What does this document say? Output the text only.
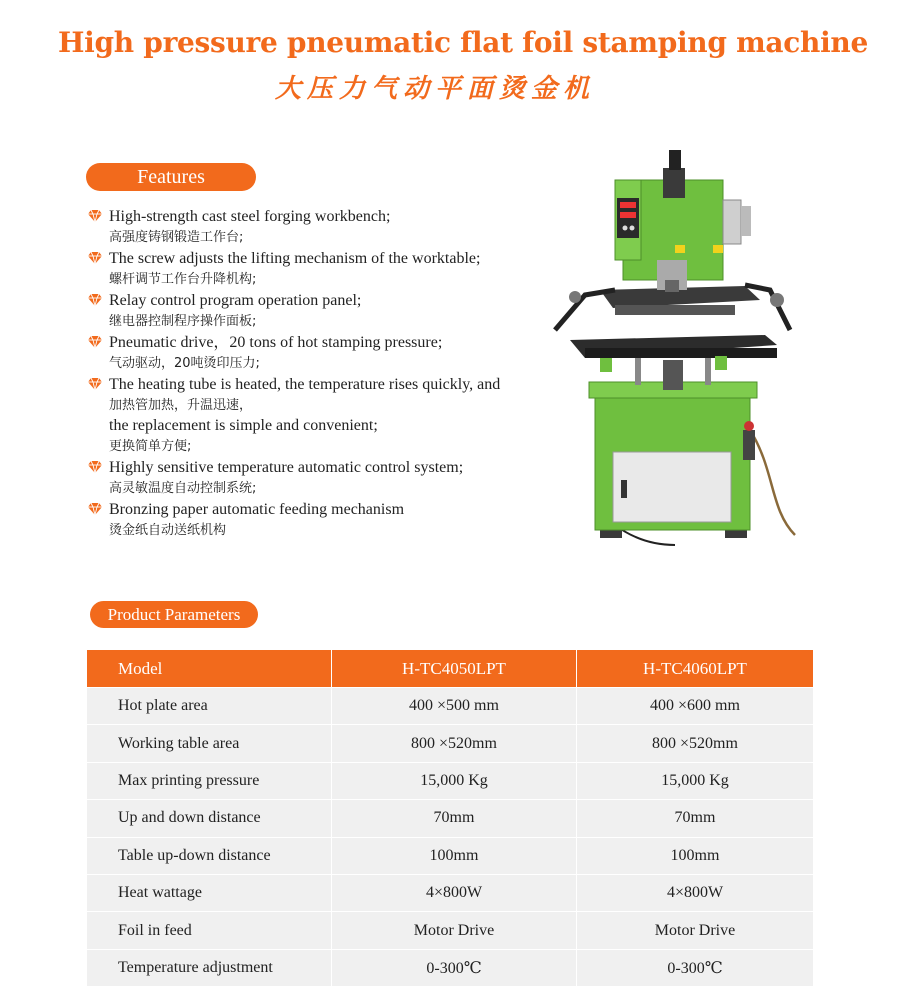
High pressure pneumatic flat foil stamping machine
大压力气动平面烫金机
Features
High-strength cast steel forging workbench;
高强度铸钢锻造工作台;
The screw adjusts the lifting mechanism of the worktable;
螺杆调节工作台升降机构;
Relay control program operation panel;
继电器控制程序操作面板;
Pneumatic drive，20 tons of hot stamping pressure;
气动驱动，20吨烫印压力;
The heating tube is heated, the temperature rises quickly, and
加热管加热，升温迅速，
the replacement is simple and convenient;
更换简单方便;
Highly sensitive temperature automatic control system;
高灵敏温度自动控制系统;
Bronzing paper automatic feeding mechanism
烫金纸自动送纸机构
Product Parameters
Model	H-TC4050LPT	H-TC4060LPT
Hot plate area	400 ×500 mm	400 ×600 mm
Working table area	800 ×520mm	800 ×520mm
Max printing pressure	15,000 Kg	15,000 Kg
Up and down distance	70mm	70mm
Table up-down distance	100mm	100mm
Heat wattage	4×800W	4×800W
Foil in feed	Motor Drive	Motor Drive
Temperature adjustment	0-300℃	0-300℃
